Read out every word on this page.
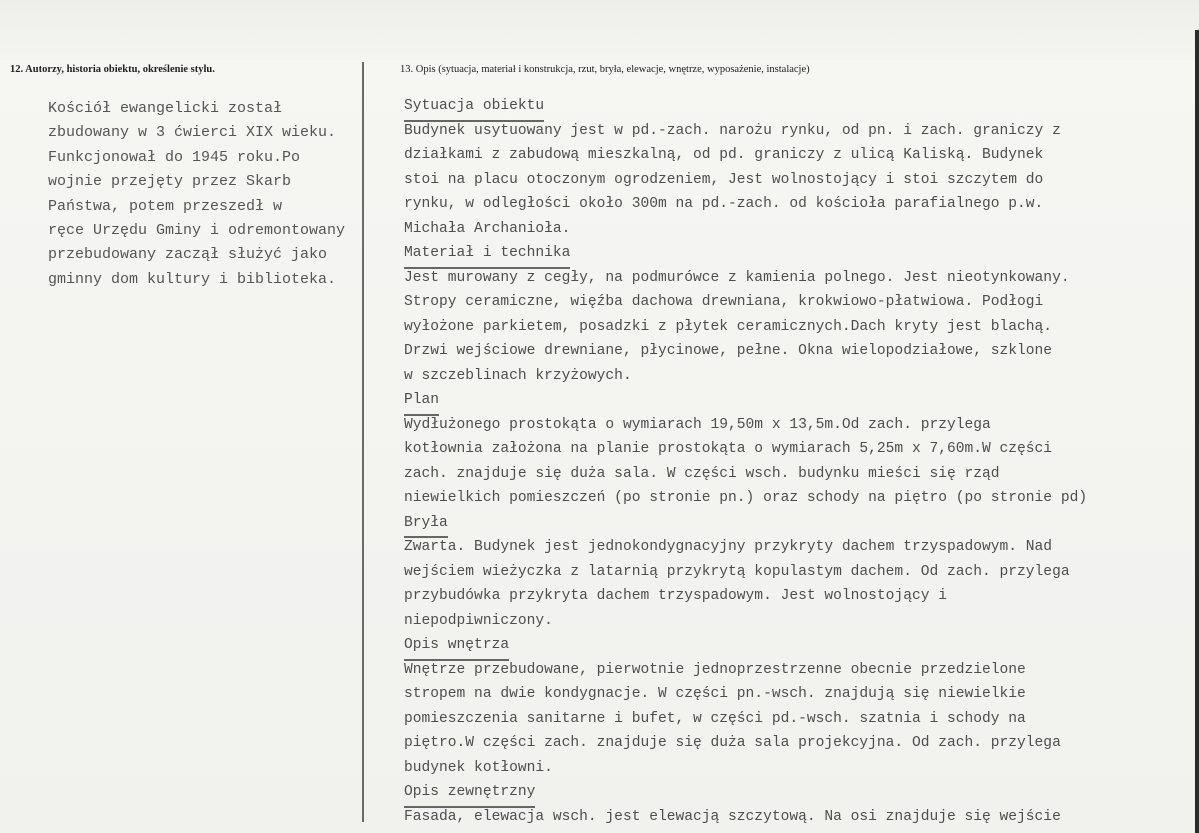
12. Autorzy, historia obiektu, określenie stylu.	13. Opis (sytuacja, materiał i konstrukcja, rzut, bryła, elewacje, wnętrze, wyposażenie, instalacje)
Kościół ewangelicki został
zbudowany w 3 ćwierci XIX wieku.
Funkcjonował do 1945 roku.Po
wojnie przejęty przez Skarb
Państwa, potem przeszedł w
ręce Urzędu Gminy i odremontowany
przebudowany zaczął służyć jako
gminny dom kultury i biblioteka.
Sytuacja obiektu
Budynek usytuowany jest w pd.-zach. narożu rynku, od pn. i zach. graniczy z
działkami z zabudową mieszkalną, od pd. graniczy z ulicą Kaliską. Budynek
stoi na placu otoczonym ogrodzeniem, Jest wolnostojący i stoi szczytem do
rynku, w odległości około 300m na pd.-zach. od kościoła parafialnego p.w.
Michała Archanioła.
Materiał i technika
Jest murowany z cegły, na podmurówce z kamienia polnego. Jest nieotynkowany.
Stropy ceramiczne, więźba dachowa drewniana, krokwiowo-płatwiowa. Podłogi
wyłożone parkietem, posadzki z płytek ceramicznych.Dach kryty jest blachą.
Drzwi wejściowe drewniane, płycinowe, pełne. Okna wielopodziałowe, szklone
w szczeblinach krzyżowych.
Plan
Wydłużonego prostokąta o wymiarach 19,50m x 13,5m.Od zach. przylega
kotłownia założona na planie prostokąta o wymiarach 5,25m x 7,60m.W części
zach. znajduje się duża sala. W części wsch. budynku mieści się rząd
niewielkich pomieszczeń (po stronie pn.) oraz schody na piętro (po stronie pd)
Bryła
Zwarta. Budynek jest jednokondygnacyjny przykryty dachem trzyspadowym. Nad
wejściem wieżyczka z latarnią przykrytą kopulastym dachem. Od zach. przylega
przybudówka przykryta dachem trzyspadowym. Jest wolnostojący i
niepodpiwniczony.
Opis wnętrza
Wnętrze przebudowane, pierwotnie jednoprzestrzenne obecnie przedzielone
stropem na dwie kondygnacje. W części pn.-wsch. znajdują się niewielkie
pomieszczenia sanitarne i bufet, w części pd.-wsch. szatnia i schody na
piętro.W części zach. znajduje się duża sala projekcyjna. Od zach. przylega
budynek kotłowni.
Opis zewnętrzny
Fasada, elewacja wsch. jest elewacją szczytową. Na osi znajduje się wejście
